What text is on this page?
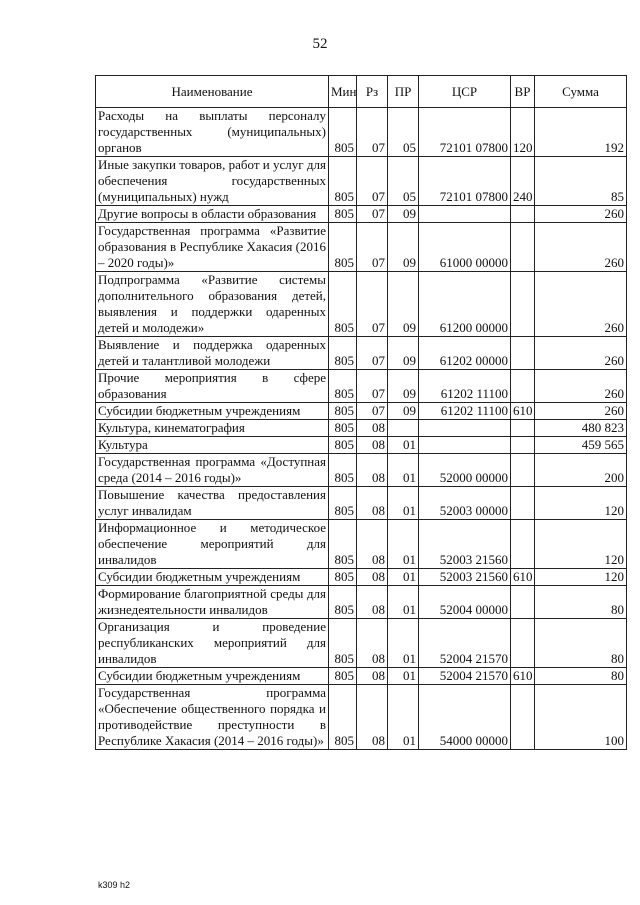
52
Наименование	Мин	Рз	ПР	ЦСР	ВР	Сумма
Расходы на выплаты персоналу государственных (муниципальных) органов	805	07	05	72101 07800	120	192
Иные закупки товаров, работ и услуг для обеспечения государственных (муниципальных) нужд	805	07	05	72101 07800	240	85
Другие вопросы в области образования	805	07	09			260
Государственная программа «Развитие образования в Республике Хакасия (2016 – 2020 годы)»	805	07	09	61000 00000		260
Подпрограмма «Развитие системы дополнительного образования детей, выявления и поддержки одаренных детей и молодежи»	805	07	09	61200 00000		260
Выявление и поддержка одаренных детей и талантливой молодежи	805	07	09	61202 00000		260
Прочие мероприятия в сфере образования	805	07	09	61202 11100		260
Субсидии бюджетным учреждениям	805	07	09	61202 11100	610	260
Культура, кинематография	805	08				480 823
Культура	805	08	01			459 565
Государственная программа «Доступная среда (2014 – 2016 годы)»	805	08	01	52000 00000		200
Повышение качества предоставления услуг инвалидам	805	08	01	52003 00000		120
Информационное и методическое обеспечение мероприятий для инвалидов	805	08	01	52003 21560		120
Субсидии бюджетным учреждениям	805	08	01	52003 21560	610	120
Формирование благоприятной среды для жизнедеятельности инвалидов	805	08	01	52004 00000		80
Организация и проведение республиканских мероприятий для инвалидов	805	08	01	52004 21570		80
Субсидии бюджетным учреждениям	805	08	01	52004 21570	610	80
Государственная программа «Обеспечение общественного порядка и противодействие преступности в Республике Хакасия (2014 – 2016 годы)»	805	08	01	54000 00000		100
k309 h2
